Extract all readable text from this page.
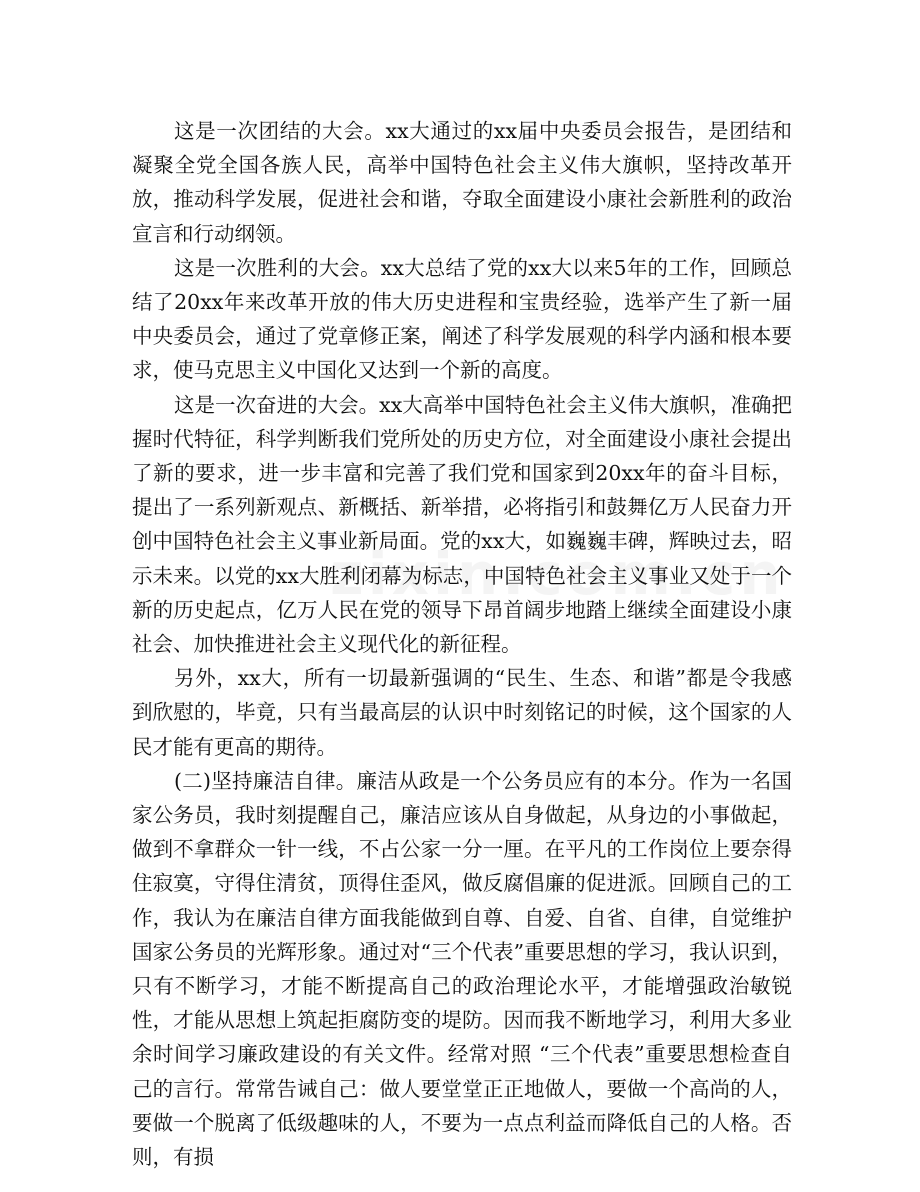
这是一次团结的大会。xx大通过的xx届中央委员会报告，是团结和凝聚全党全国各族人民，高举中国特色社会主义伟大旗帜，坚持改革开放，推动科学发展，促进社会和谐，夺取全面建设小康社会新胜利的政治宣言和行动纲领。

这是一次胜利的大会。xx大总结了党的xx大以来5年的工作，回顾总结了20xx年来改革开放的伟大历史进程和宝贵经验，选举产生了新一届中央委员会，通过了党章修正案，阐述了科学发展观的科学内涵和根本要求，使马克思主义中国化又达到一个新的高度。

这是一次奋进的大会。xx大高举中国特色社会主义伟大旗帜，准确把握时代特征，科学判断我们党所处的历史方位，对全面建设小康社会提出了新的要求，进一步丰富和完善了我们党和国家到20xx年的奋斗目标，提出了一系列新观点、新概括、新举措，必将指引和鼓舞亿万人民奋力开创中国特色社会主义事业新局面。党的xx大，如巍巍丰碑，辉映过去，昭示未来。以党的xx大胜利闭幕为标志，中国特色社会主义事业又处于一个新的历史起点，亿万人民在党的领导下昂首阔步地踏上继续全面建设小康社会、加快推进社会主义现代化的新征程。

另外，xx大，所有一切最新强调的“民生、生态、和谐”都是令我感到欣慰的，毕竟，只有当最高层的认识中时刻铭记的时候，这个国家的人民才能有更高的期待。

(二)坚持廉洁自律。廉洁从政是一个公务员应有的本分。作为一名国家公务员，我时刻提醒自己，廉洁应该从自身做起，从身边的小事做起，做到不拿群众一针一线，不占公家一分一厘。在平凡的工作岗位上要奈得住寂寞，守得住清贫，顶得住歪风，做反腐倡廉的促进派。回顾自己的工作，我认为在廉洁自律方面我能做到自尊、自爱、自省、自律，自觉维护国家公务员的光辉形象。通过对“三个代表”重要思想的学习，我认识到，只有不断学习，才能不断提高自己的政治理论水平，才能增强政治敏锐性，才能从思想上筑起拒腐防变的堤防。因而我不断地学习，利用大多业余时间学习廉政建设的有关文件。经常对照 “三个代表”重要思想检查自己的言行。常常告诫自己：做人要堂堂正正地做人，要做一个高尚的人，要做一个脱离了低级趣味的人，不要为一点点利益而降低自己的人格。否则，有损
